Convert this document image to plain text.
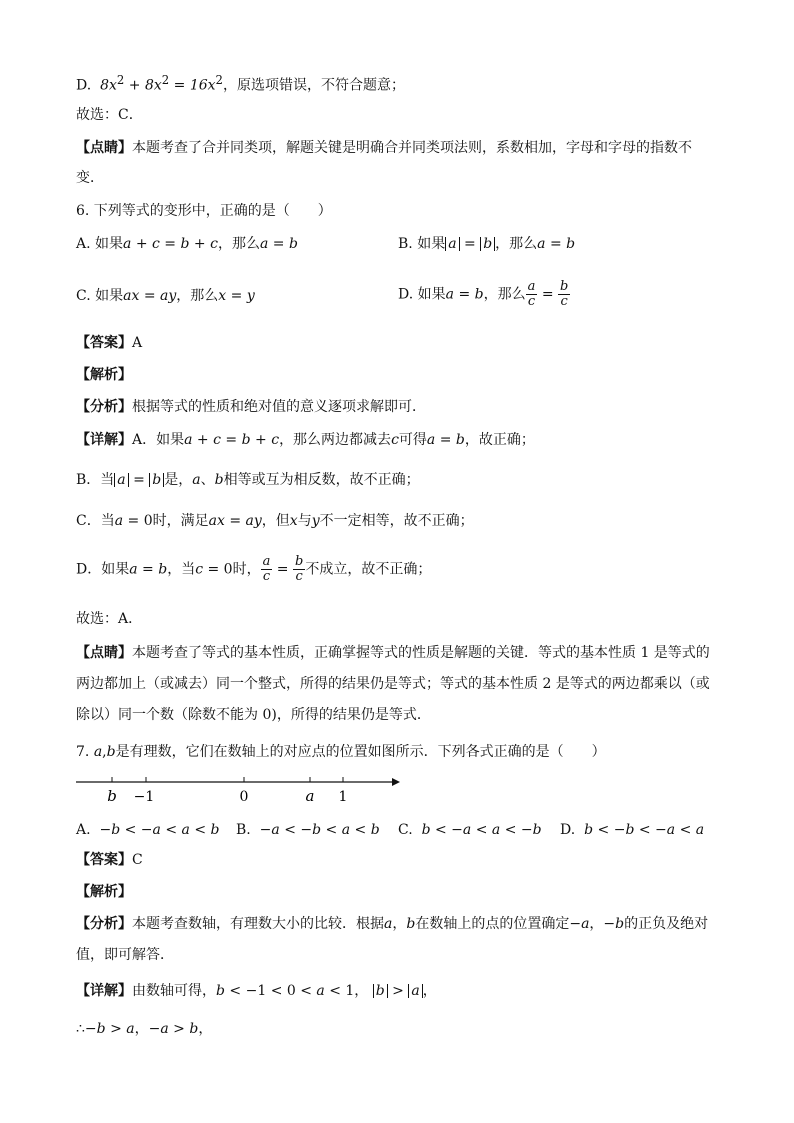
D.  $8x^2 + 8x^2 = 16x^2$，原选项错误，不符合题意；
故选：C．
【点睛】本题考查了合并同类项，解题关键是明确合并同类项法则，系数相加，字母和字母的指数不
变．
6. 下列等式的变形中，正确的是（　　）
A. 如果a + c = b + c，那么a = b	B. 如果 a = b ，那么a = b
C. 如果ax = ay，那么x = y	D. 如果a = b，那么 $\frac{a}{c} = \frac{b}{c}$
【答案】A
【解析】
【分析】根据等式的性质和绝对值的意义逐项求解即可．
【详解】A．如果a + c = b + c，那么两边都减去c可得a = b，故正确；
B．当 a = b 是，a、b相等或互为相反数，故不正确；
C．当a = 0时，满足ax = ay，但x与y不一定相等，故不正确；
D．如果a = b，当c = 0时， $\frac{a}{c} = \frac{b}{c}$ 不成立，故不正确；
故选：A．
【点睛】本题考查了等式的基本性质，正确掌握等式的性质是解题的关键．等式的基本性质 1 是等式的
两边都加上（或减去）同一个整式，所得的结果仍是等式；等式的基本性质 2 是等式的两边都乘以（或
除以）同一个数（除数不能为 0)，所得的结果仍是等式．
7. a,b是有理数，它们在数轴上的对应点的位置如图所示．下列各式正确的是（　　）
b −1	0	a 1
A.  −b < −a < a < b B.  −a < −b < a < b C. b < −a < a < −b D. b < −b < −a < a
【答案】C
【解析】
【分析】本题考查数轴，有理数大小的比较．根据a，b在数轴上的点的位置确定−a，−b的正负及绝对
值，即可解答．
【详解】由数轴可得，b < −1 < 0 < a < 1， b > a ，
∴−b > a，−a > b，
